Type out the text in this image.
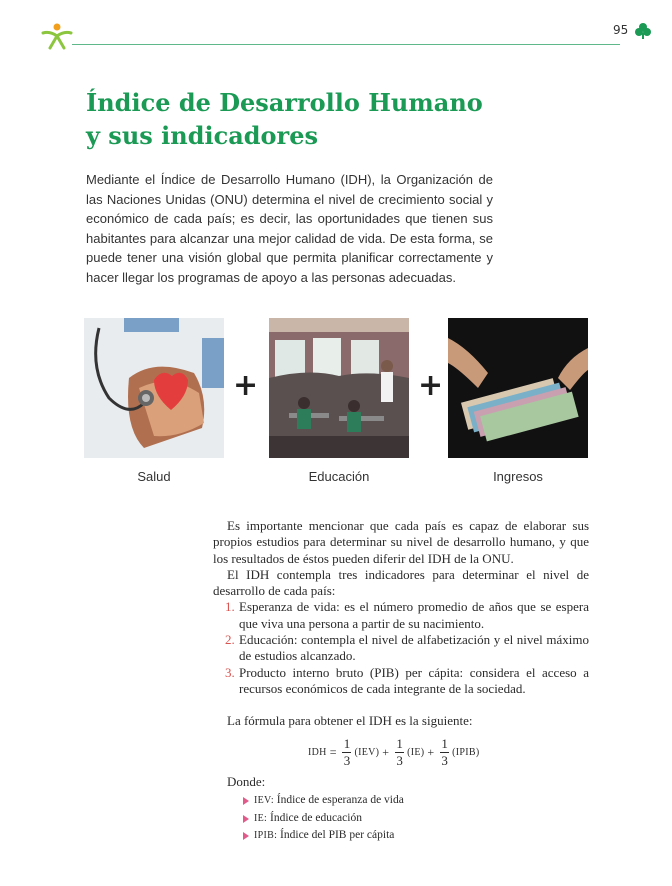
95
Índice de Desarrollo Humano
y sus indicadores

Mediante el Índice de Desarrollo Humano (IDH), la Organización de las Naciones Unidas (ONU) determina el nivel de crecimiento social y económico de cada país; es decir, las oportunidades que tienen sus habitantes para alcanzar una mejor calidad de vida. De esta forma, se puede tener una visión global que permita planificar correctamente y hacer llegar los programas de apoyo a las personas adecuadas.

+	+
Salud	Educación	Ingresos

Es importante mencionar que cada país es capaz de elaborar sus propios estudios para determinar su nivel de desarrollo humano, y que los resultados de éstos pueden diferir del IDH de la ONU.

El IDH contempla tres indicadores para determinar el nivel de desarrollo de cada país:

1. Esperanza de vida: es el número promedio de años que se espera que viva una persona a partir de su nacimiento.
2. Educación: contempla el nivel de alfabetización y el nivel máximo de estudios alcanzado.
3. Producto interno bruto (PIB) per cápita: considera el acceso a recursos económicos de cada integrante de la sociedad.
La fórmula para obtener el IDH es la siguiente:
IDH = $\frac{1}{3} (IEV) + \frac{1}{3} (IE) + \frac{1}{3}$ (IPIB)
Donde:
IEV: Índice de esperanza de vida
IE: Índice de educación
IPIB: Índice del PIB per cápita
